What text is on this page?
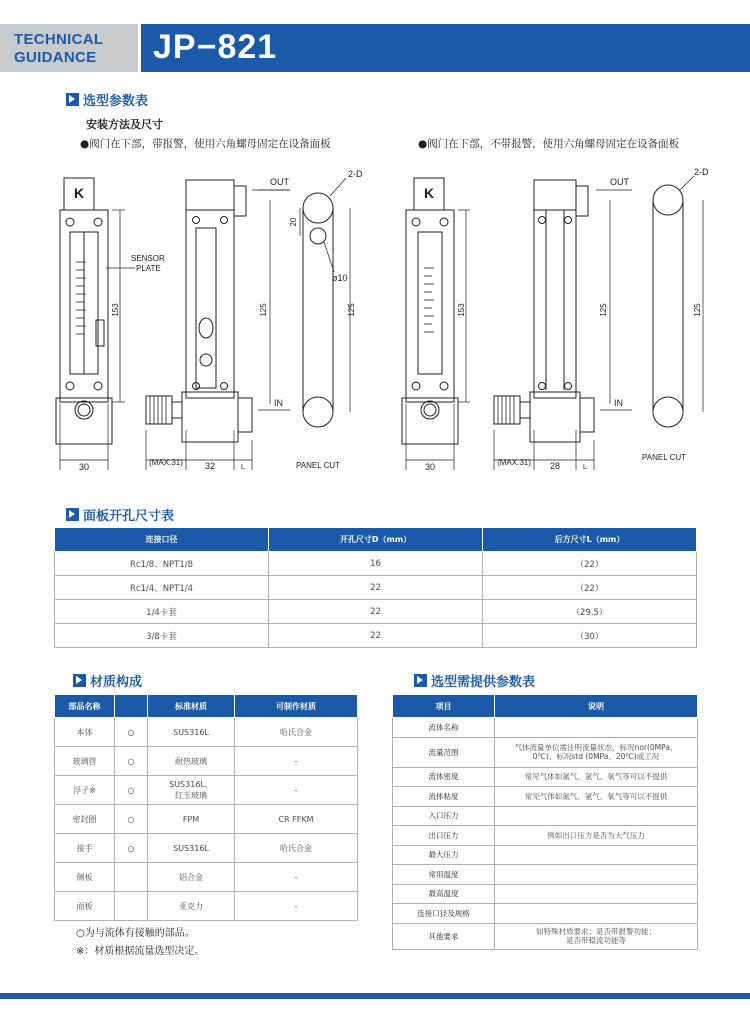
TECHNICAL
GUIDANCE	JP−821
选型参数表
安装方法及尺寸
●阀门在下部，带报警，使用六角螺母固定在设备面板	●阀门在下部，不带报警，使用六角螺母固定在设备面板
K
30
SENSOR
PLATE
153
(MAX.31) 32	L
125
OUT
IN
2-D
20
ø10
125
PANEL CUT
K
30
153
(MAX.31) 28	L
125
OUT
IN
2-D
125
PANEL CUT
面板开孔尺寸表
连接口径	开孔尺寸D（mm）	后方尺寸L（mm）
Rc1/8、NPT1/8	16	（22）
Rc1/4、NPT1/4	22	（22）
1/4卡套	22	（29.5）
3/8卡套	22	（30）
材质构成
部品名称		标准材质	可制作材质
本体	○	SUS316L	哈氏合金
玻璃管	○	耐热玻璃	-
浮子※	○	SUS316L、
红玉玻璃	-
密封圈	○	FPM	CR FFKM
接手	○	SUS316L	哈氏合金
侧板		铝合金	-
面板		亚克力	-
○为与流体有接触的部品。
※：材质根据流量选型决定。
选型需提供参数表
项目	说明
流体名称	
流量范围	气体流量单位需注明流量状态，标况nor(0MPa、
0℃)、标况std (0MPa、20℃)或工况
流体密度	常见气体如氮气、氩气、氧气等可以不提供
流体粘度	常见气体如氮气、氩气、氧气等可以不提供
入口压力	
出口压力	例如出口压力是否为大气压力
最大压力	
常用温度	
最高温度	
连接口径及规格	
其他要求	如特殊材质要求；是否带报警功能；
是否带稳流功能等
